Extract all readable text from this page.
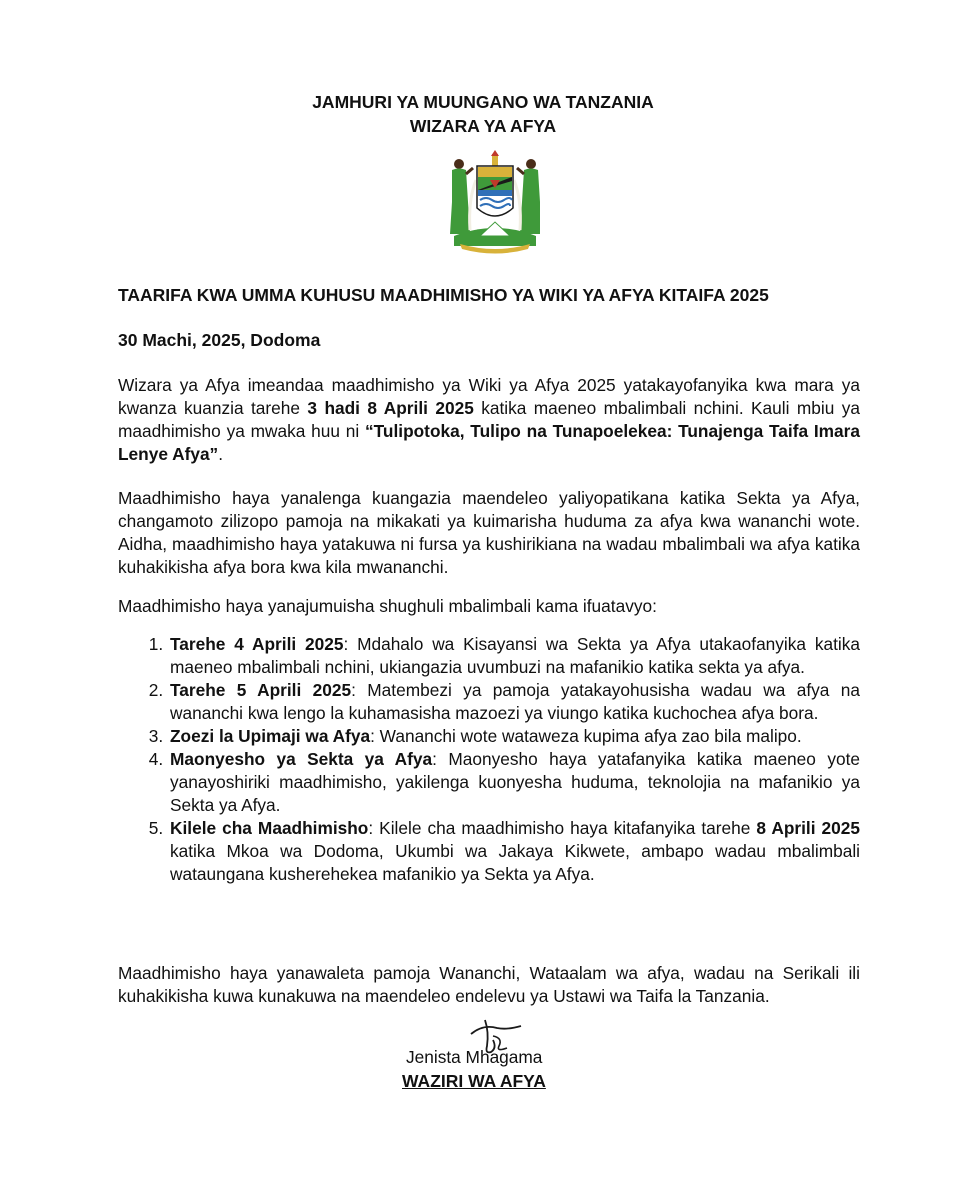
JAMHURI YA MUUNGANO WA TANZANIA
WIZARA YA AFYA
TAARIFA KWA UMMA KUHUSU MAADHIMISHO YA WIKI YA AFYA KITAIFA 2025
30 Machi, 2025, Dodoma
Wizara ya Afya imeandaa maadhimisho ya Wiki ya Afya 2025 yatakayofanyika kwa mara ya kwanza kuanzia tarehe 3 hadi 8 Aprili 2025 katika maeneo mbalimbali nchini. Kauli mbiu ya maadhimisho ya mwaka huu ni “Tulipotoka, Tulipo na Tunapoelekea: Tunajenga Taifa Imara Lenye Afya”.
Maadhimisho haya yanalenga kuangazia maendeleo yaliyopatikana katika Sekta ya Afya, changamoto zilizopo pamoja na mikakati ya kuimarisha huduma za afya kwa wananchi wote. Aidha, maadhimisho haya yatakuwa ni fursa ya kushirikiana na wadau mbalimbali wa afya katika kuhakikisha afya bora kwa kila mwananchi.
Maadhimisho haya yanajumuisha shughuli mbalimbali kama ifuatavyo:
1. Tarehe 4 Aprili 2025: Mdahalo wa Kisayansi wa Sekta ya Afya utakaofanyika katika maeneo mbalimbali nchini, ukiangazia uvumbuzi na mafanikio katika sekta ya afya.
2. Tarehe 5 Aprili 2025: Matembezi ya pamoja yatakayohusisha wadau wa afya na wananchi kwa lengo la kuhamasisha mazoezi ya viungo katika kuchochea afya bora.
3. Zoezi la Upimaji wa Afya: Wananchi wote wataweza kupima afya zao bila malipo.
4. Maonyesho ya Sekta ya Afya: Maonyesho haya yatafanyika katika maeneo yote yanayoshiriki maadhimisho, yakilenga kuonyesha huduma, teknolojia na mafanikio ya Sekta ya Afya.
5. Kilele cha Maadhimisho: Kilele cha maadhimisho haya kitafanyika tarehe 8 Aprili 2025 katika Mkoa wa Dodoma, Ukumbi wa Jakaya Kikwete, ambapo wadau mbalimbali wataungana kusherehekea mafanikio ya Sekta ya Afya.
Maadhimisho haya yanawaleta pamoja Wananchi, Wataalam wa afya, wadau na Serikali ili kuhakikisha kuwa kunakuwa na maendeleo endelevu ya Ustawi wa Taifa la Tanzania.
Jenista Mhagama
WAZIRI WA AFYA
